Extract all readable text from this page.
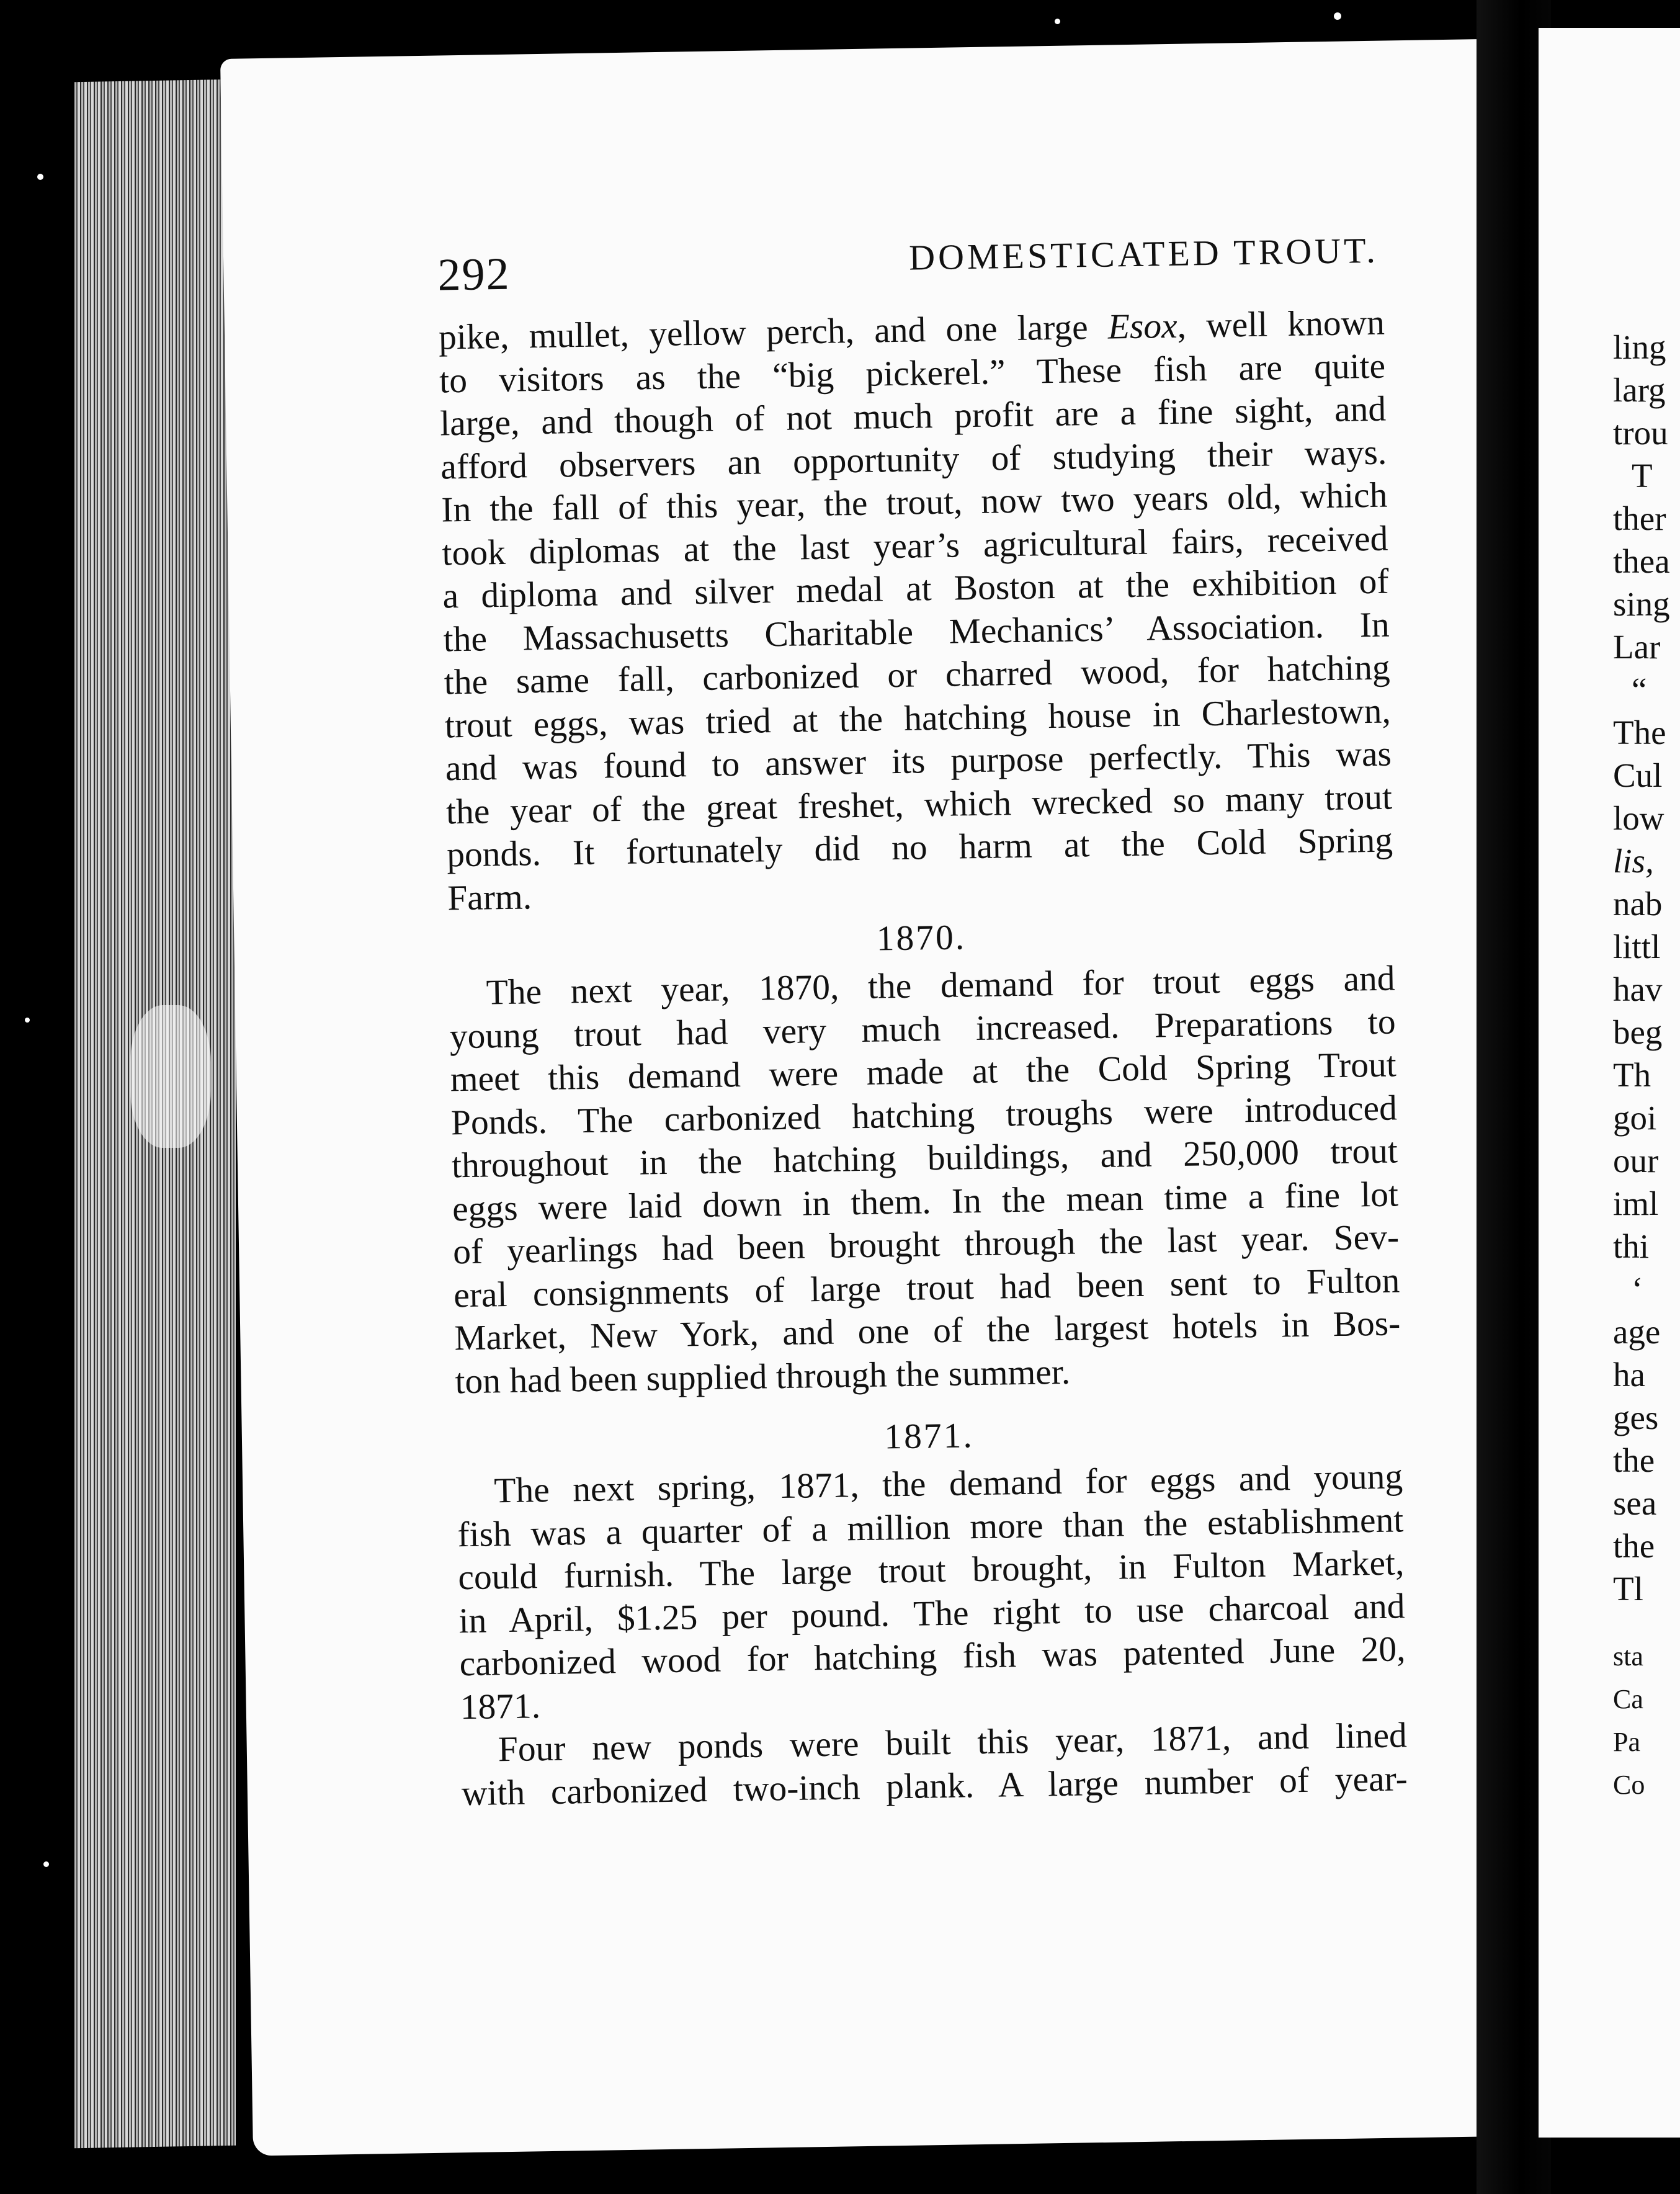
292	DOMESTICATED TROUT.
pike, mullet, yellow perch, and one large Esox, well known
to visitors as the “big pickerel.” These fish are quite
large, and though of not much profit are a fine sight, and
afford observers an opportunity of studying their ways.
In the fall of this year, the trout, now two years old, which
took diplomas at the last year’s agricultural fairs, received
a diploma and silver medal at Boston at the exhibition of
the Massachusetts Charitable Mechanics’ Association. In
the same fall, carbonized or charred wood, for hatching
trout eggs, was tried at the hatching house in Charlestown,
and was found to answer its purpose perfectly. This was
the year of the great freshet, which wrecked so many trout
ponds. It fortunately did no harm at the Cold Spring
Farm.
1870.
The next year, 1870, the demand for trout eggs and
young trout had very much increased. Preparations to
meet this demand were made at the Cold Spring Trout
Ponds. The carbonized hatching troughs were introduced
throughout in the hatching buildings, and 250,000 trout
eggs were laid down in them. In the mean time a fine lot
of yearlings had been brought through the last year. Sev-
eral consignments of large trout had been sent to Fulton
Market, New York, and one of the largest hotels in Bos-
ton had been supplied through the summer.
1871.
The next spring, 1871, the demand for eggs and young
fish was a quarter of a million more than the establishment
could furnish. The large trout brought, in Fulton Market,
in April, $1.25 per pound. The right to use charcoal and
carbonized wood for hatching fish was patented June 20,
1871.
Four new ponds were built this year, 1871, and lined
with carbonized two-inch plank. A large number of year-
ling
larg
trou
T
ther
thea
sing
Lar
“
The
Cul
low
lis,
nab
littl
hav
beg
Th
goi
our
iml
thi
‘
age
ha
ges
the
sea
the
Tl
sta
Ca
Pa
Co
